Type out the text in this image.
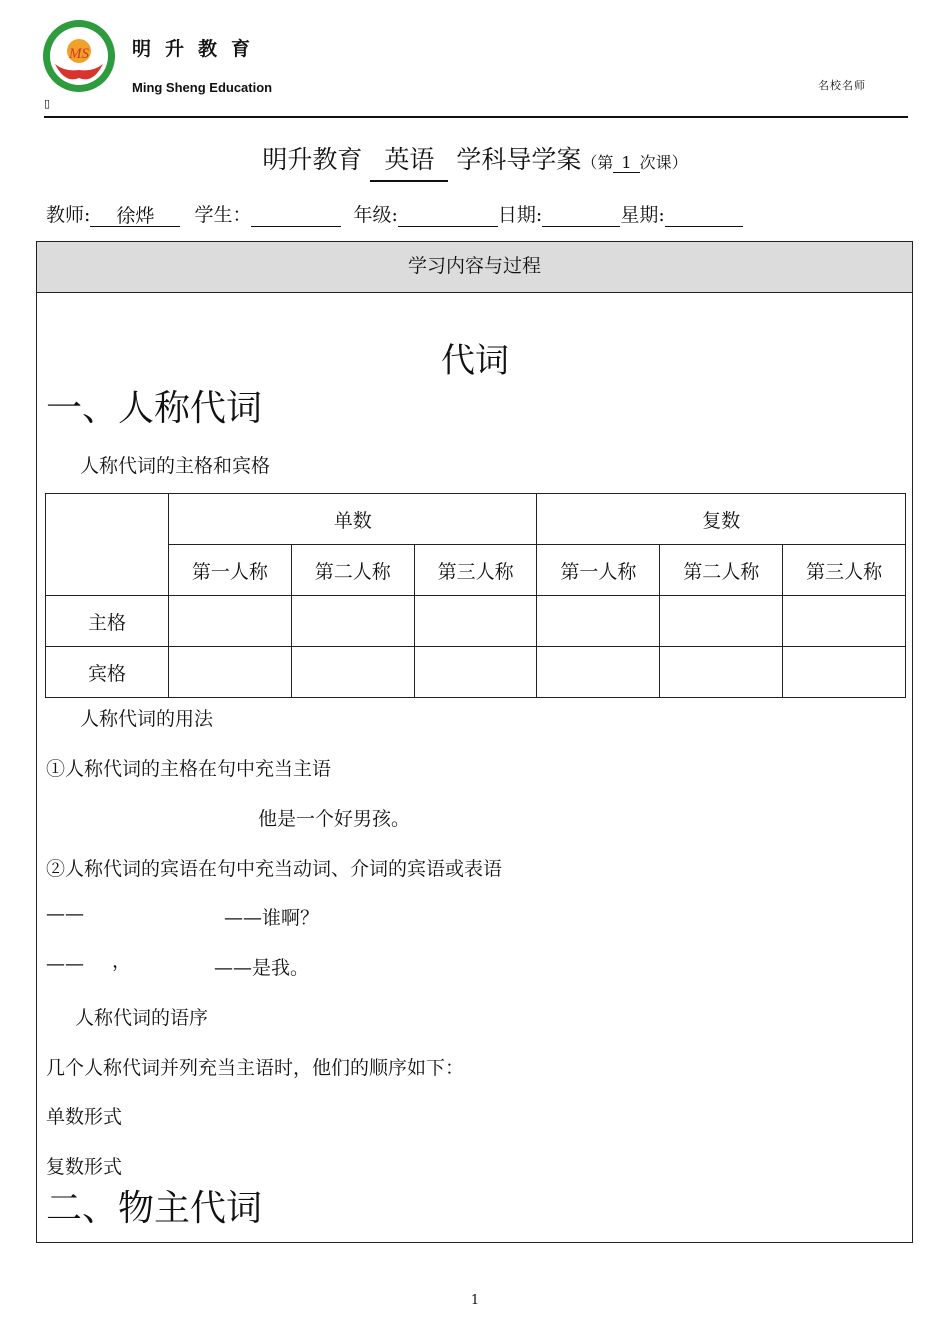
MS 明升教育
Ming Sheng Education	名校名师
▯
明升教育 英语 学科导学案（第 1 次课）
教师: 徐烨 学生：	年级:	日期:	星期:
学习内容与过程
代词
一、人称代词
人称代词的主格和宾格
	单数			复数		
	第一人称	第二人称	第三人称	第一人称	第二人称	第三人称
主格						
宾格						
人称代词的用法
①人称代词的主格在句中充当主语
他是一个好男孩。
②人称代词的宾语在句中充当动词、介词的宾语或表语
——	——谁啊？
—— ，	——是我。
人称代词的语序
几个人称代词并列充当主语时，他们的顺序如下：
单数形式
复数形式
二、物主代词
1
